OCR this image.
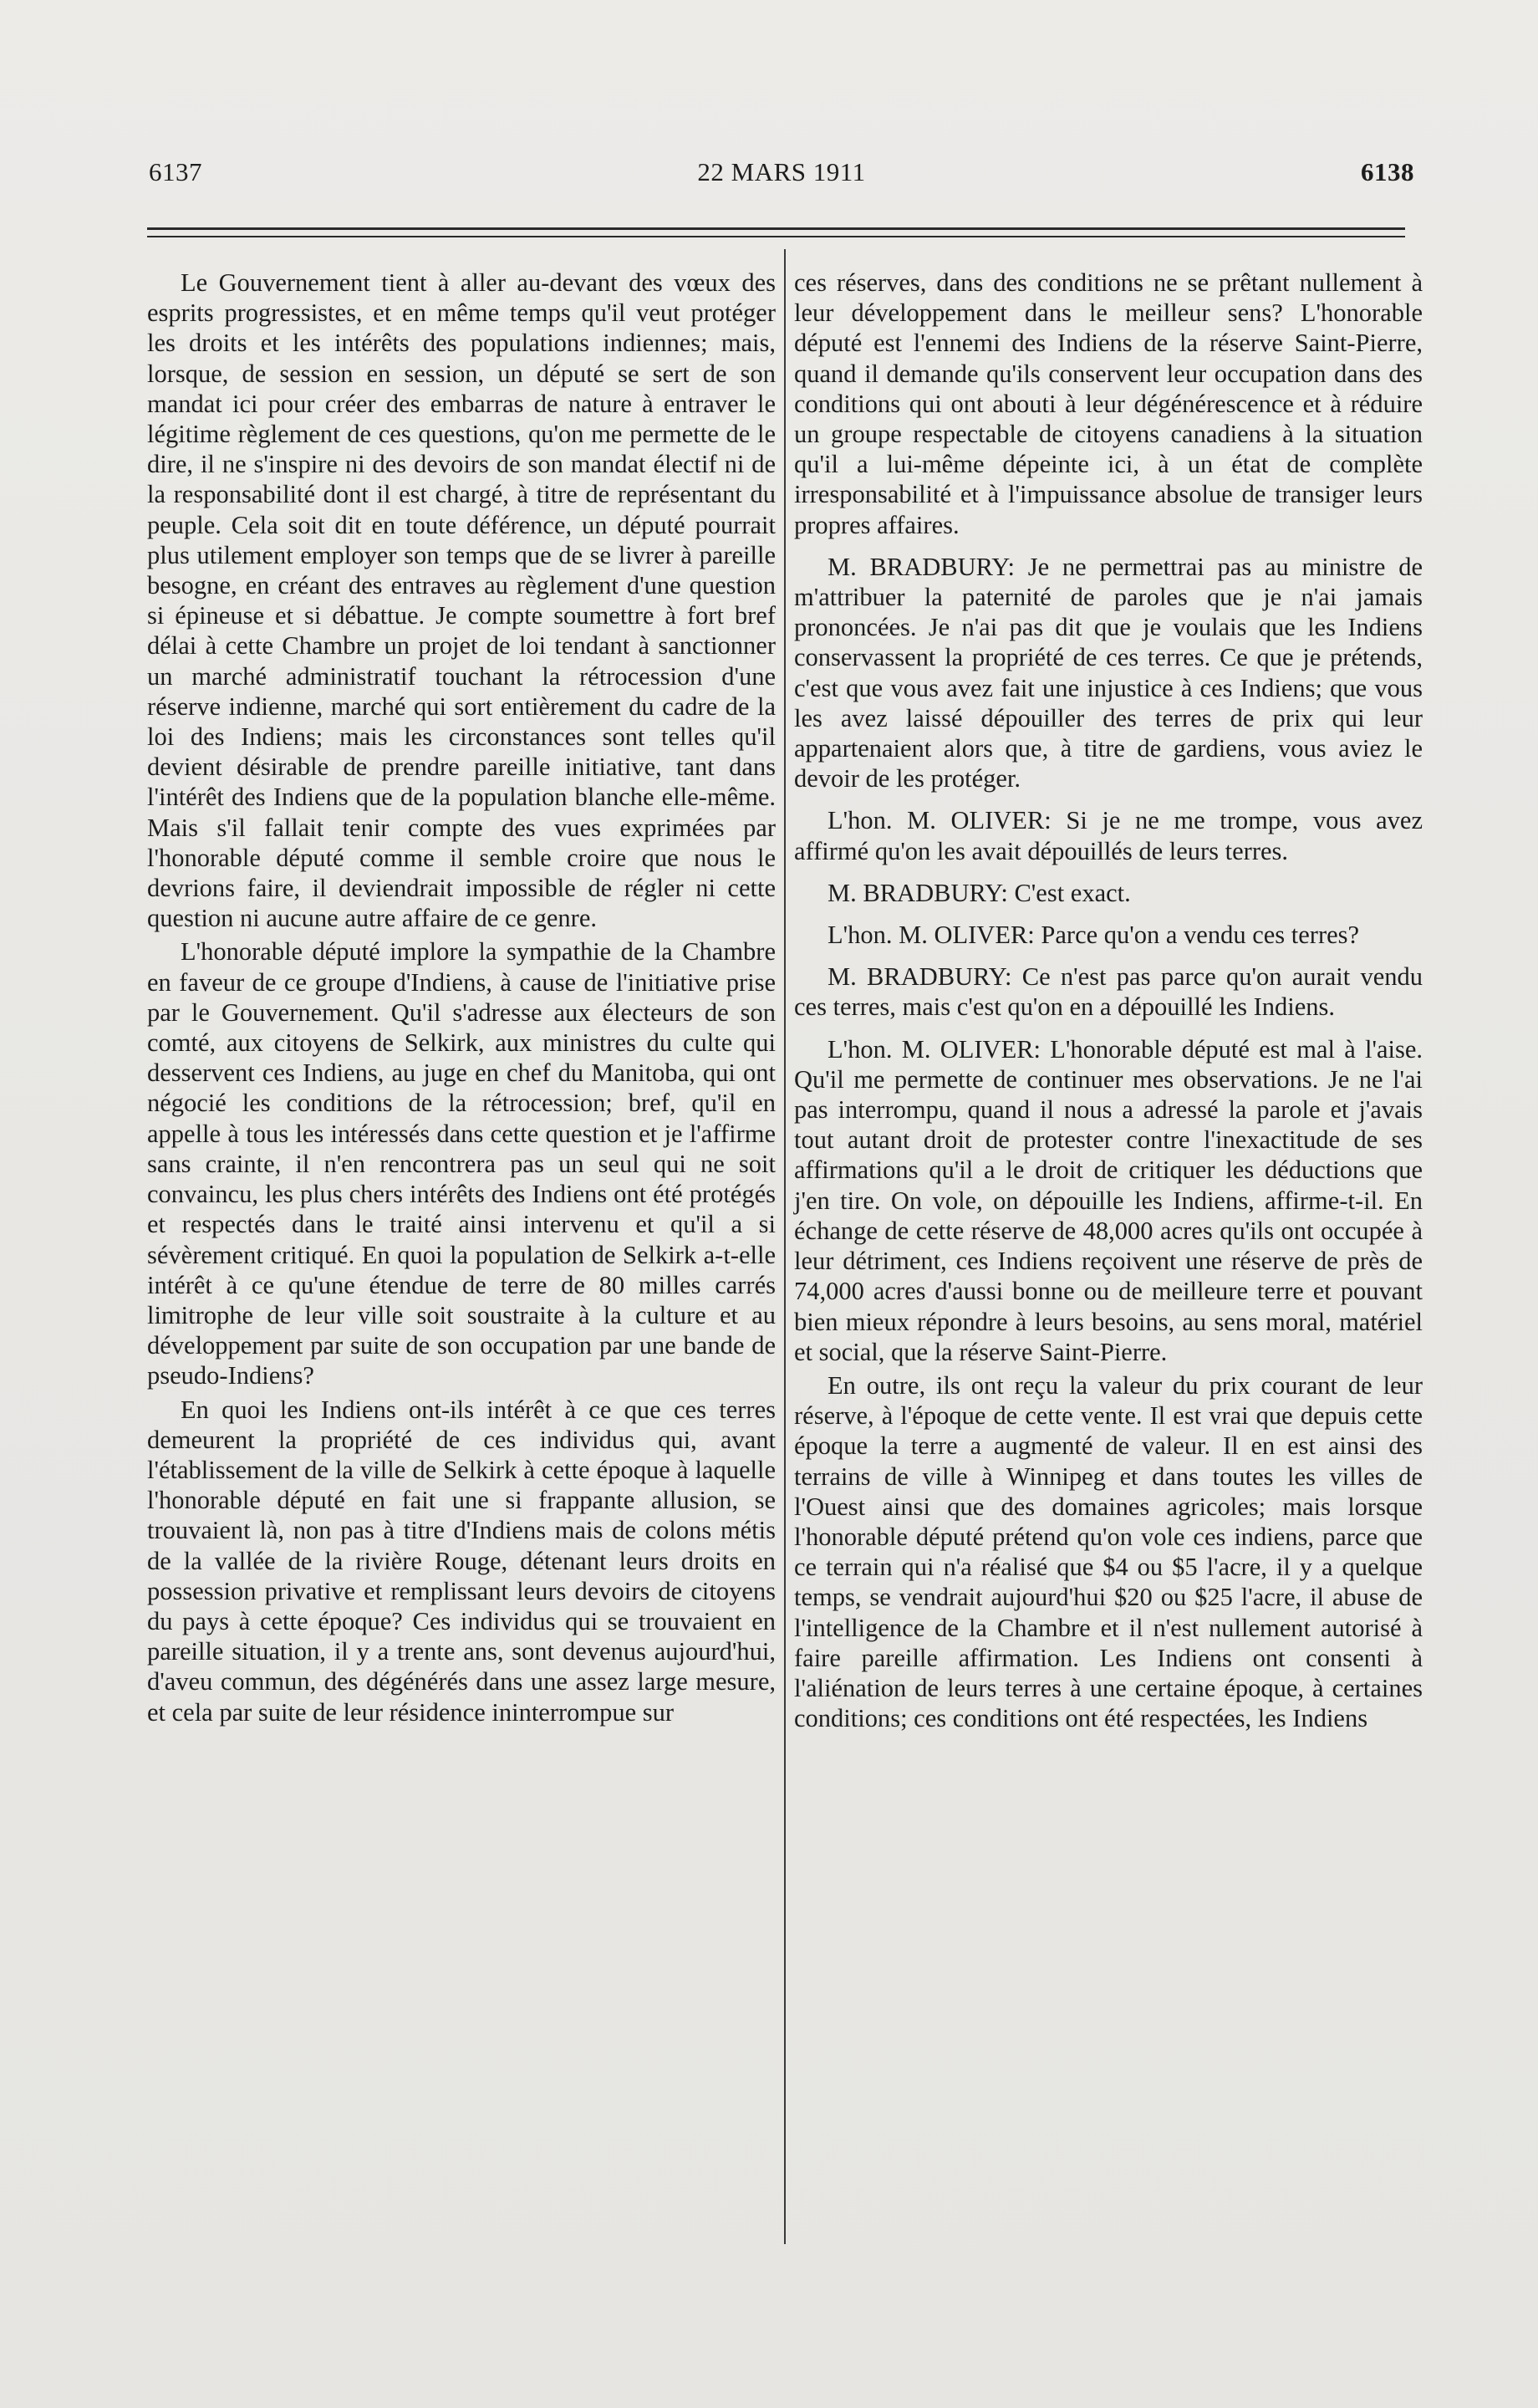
6137	22 MARS 1911	6138

Le Gouvernement tient à aller au-devant des vœux des esprits progressistes, et en même temps qu'il veut protéger les droits et les intérêts des populations indiennes; mais, lorsque, de session en session, un député se sert de son mandat ici pour créer des embarras de nature à entraver le légitime règlement de ces questions, qu'on me permette de le dire, il ne s'inspire ni des devoirs de son mandat électif ni de la responsabilité dont il est chargé, à titre de représentant du peuple. Cela soit dit en toute déférence, un député pourrait plus utilement employer son temps que de se livrer à pareille besogne, en créant des entraves au règlement d'une question si épineuse et si débattue. Je compte soumettre à fort bref délai à cette Chambre un projet de loi tendant à sanctionner un marché administratif touchant la rétrocession d'une réserve indienne, marché qui sort entièrement du cadre de la loi des Indiens; mais les circonstances sont telles qu'il devient désirable de prendre pareille initiative, tant dans l'intérêt des Indiens que de la population blanche elle-même. Mais s'il fallait tenir compte des vues exprimées par l'honorable député comme il semble croire que nous le devrions faire, il deviendrait impossible de régler ni cette question ni aucune autre affaire de ce genre.

L'honorable député implore la sympathie de la Chambre en faveur de ce groupe d'Indiens, à cause de l'initiative prise par le Gouvernement. Qu'il s'adresse aux électeurs de son comté, aux citoyens de Selkirk, aux ministres du culte qui desservent ces Indiens, au juge en chef du Manitoba, qui ont négocié les conditions de la rétrocession; bref, qu'il en appelle à tous les intéressés dans cette question et je l'affirme sans crainte, il n'en rencontrera pas un seul qui ne soit convaincu, les plus chers intérêts des Indiens ont été protégés et respectés dans le traité ainsi intervenu et qu'il a si sévèrement critiqué. En quoi la population de Selkirk a-t-elle intérêt à ce qu'une étendue de terre de 80 milles carrés limitrophe de leur ville soit soustraite à la culture et au développement par suite de son occupation par une bande de pseudo-Indiens?

En quoi les Indiens ont-ils intérêt à ce que ces terres demeurent la propriété de ces individus qui, avant l'établissement de la ville de Selkirk à cette époque à laquelle l'honorable député en fait une si frappante allusion, se trouvaient là, non pas à titre d'Indiens mais de colons métis de la vallée de la rivière Rouge, détenant leurs droits en possession privative et remplissant leurs devoirs de citoyens du pays à cette époque? Ces individus qui se trouvaient en pareille situation, il y a trente ans, sont devenus aujourd'hui, d'aveu commun, des dégénérés dans une assez large mesure, et cela par suite de leur résidence ininterrompue sur

ces réserves, dans des conditions ne se prêtant nullement à leur développement dans le meilleur sens? L'honorable député est l'ennemi des Indiens de la réserve Saint-Pierre, quand il demande qu'ils conservent leur occupation dans des conditions qui ont abouti à leur dégénérescence et à réduire un groupe respectable de citoyens canadiens à la situation qu'il a lui-même dépeinte ici, à un état de complète irresponsabilité et à l'impuissance absolue de transiger leurs propres affaires.

M. BRADBURY: Je ne permettrai pas au ministre de m'attribuer la paternité de paroles que je n'ai jamais prononcées. Je n'ai pas dit que je voulais que les Indiens conservassent la propriété de ces terres. Ce que je prétends, c'est que vous avez fait une injustice à ces Indiens; que vous les avez laissé dépouiller des terres de prix qui leur appartenaient alors que, à titre de gardiens, vous aviez le devoir de les protéger.

L'hon. M. OLIVER: Si je ne me trompe, vous avez affirmé qu'on les avait dépouillés de leurs terres.

M. BRADBURY: C'est exact.

L'hon. M. OLIVER: Parce qu'on a vendu ces terres?

M. BRADBURY: Ce n'est pas parce qu'on aurait vendu ces terres, mais c'est qu'on en a dépouillé les Indiens.

L'hon. M. OLIVER: L'honorable député est mal à l'aise. Qu'il me permette de continuer mes observations. Je ne l'ai pas interrompu, quand il nous a adressé la parole et j'avais tout autant droit de protester contre l'inexactitude de ses affirmations qu'il a le droit de critiquer les déductions que j'en tire. On vole, on dépouille les Indiens, affirme-t-il. En échange de cette réserve de 48,000 acres qu'ils ont occupée à leur détriment, ces Indiens reçoivent une réserve de près de 74,000 acres d'aussi bonne ou de meilleure terre et pouvant bien mieux répondre à leurs besoins, au sens moral, matériel et social, que la réserve Saint-Pierre.

En outre, ils ont reçu la valeur du prix courant de leur réserve, à l'époque de cette vente. Il est vrai que depuis cette époque la terre a augmenté de valeur. Il en est ainsi des terrains de ville à Winnipeg et dans toutes les villes de l'Ouest ainsi que des domaines agricoles; mais lorsque l'honorable député prétend qu'on vole ces indiens, parce que ce terrain qui n'a réalisé que $4 ou $5 l'acre, il y a quelque temps, se vendrait aujourd'hui $20 ou $25 l'acre, il abuse de l'intelligence de la Chambre et il n'est nullement autorisé à faire pareille affirmation. Les Indiens ont consenti à l'aliénation de leurs terres à une certaine époque, à certaines conditions; ces conditions ont été respectées, les Indiens
